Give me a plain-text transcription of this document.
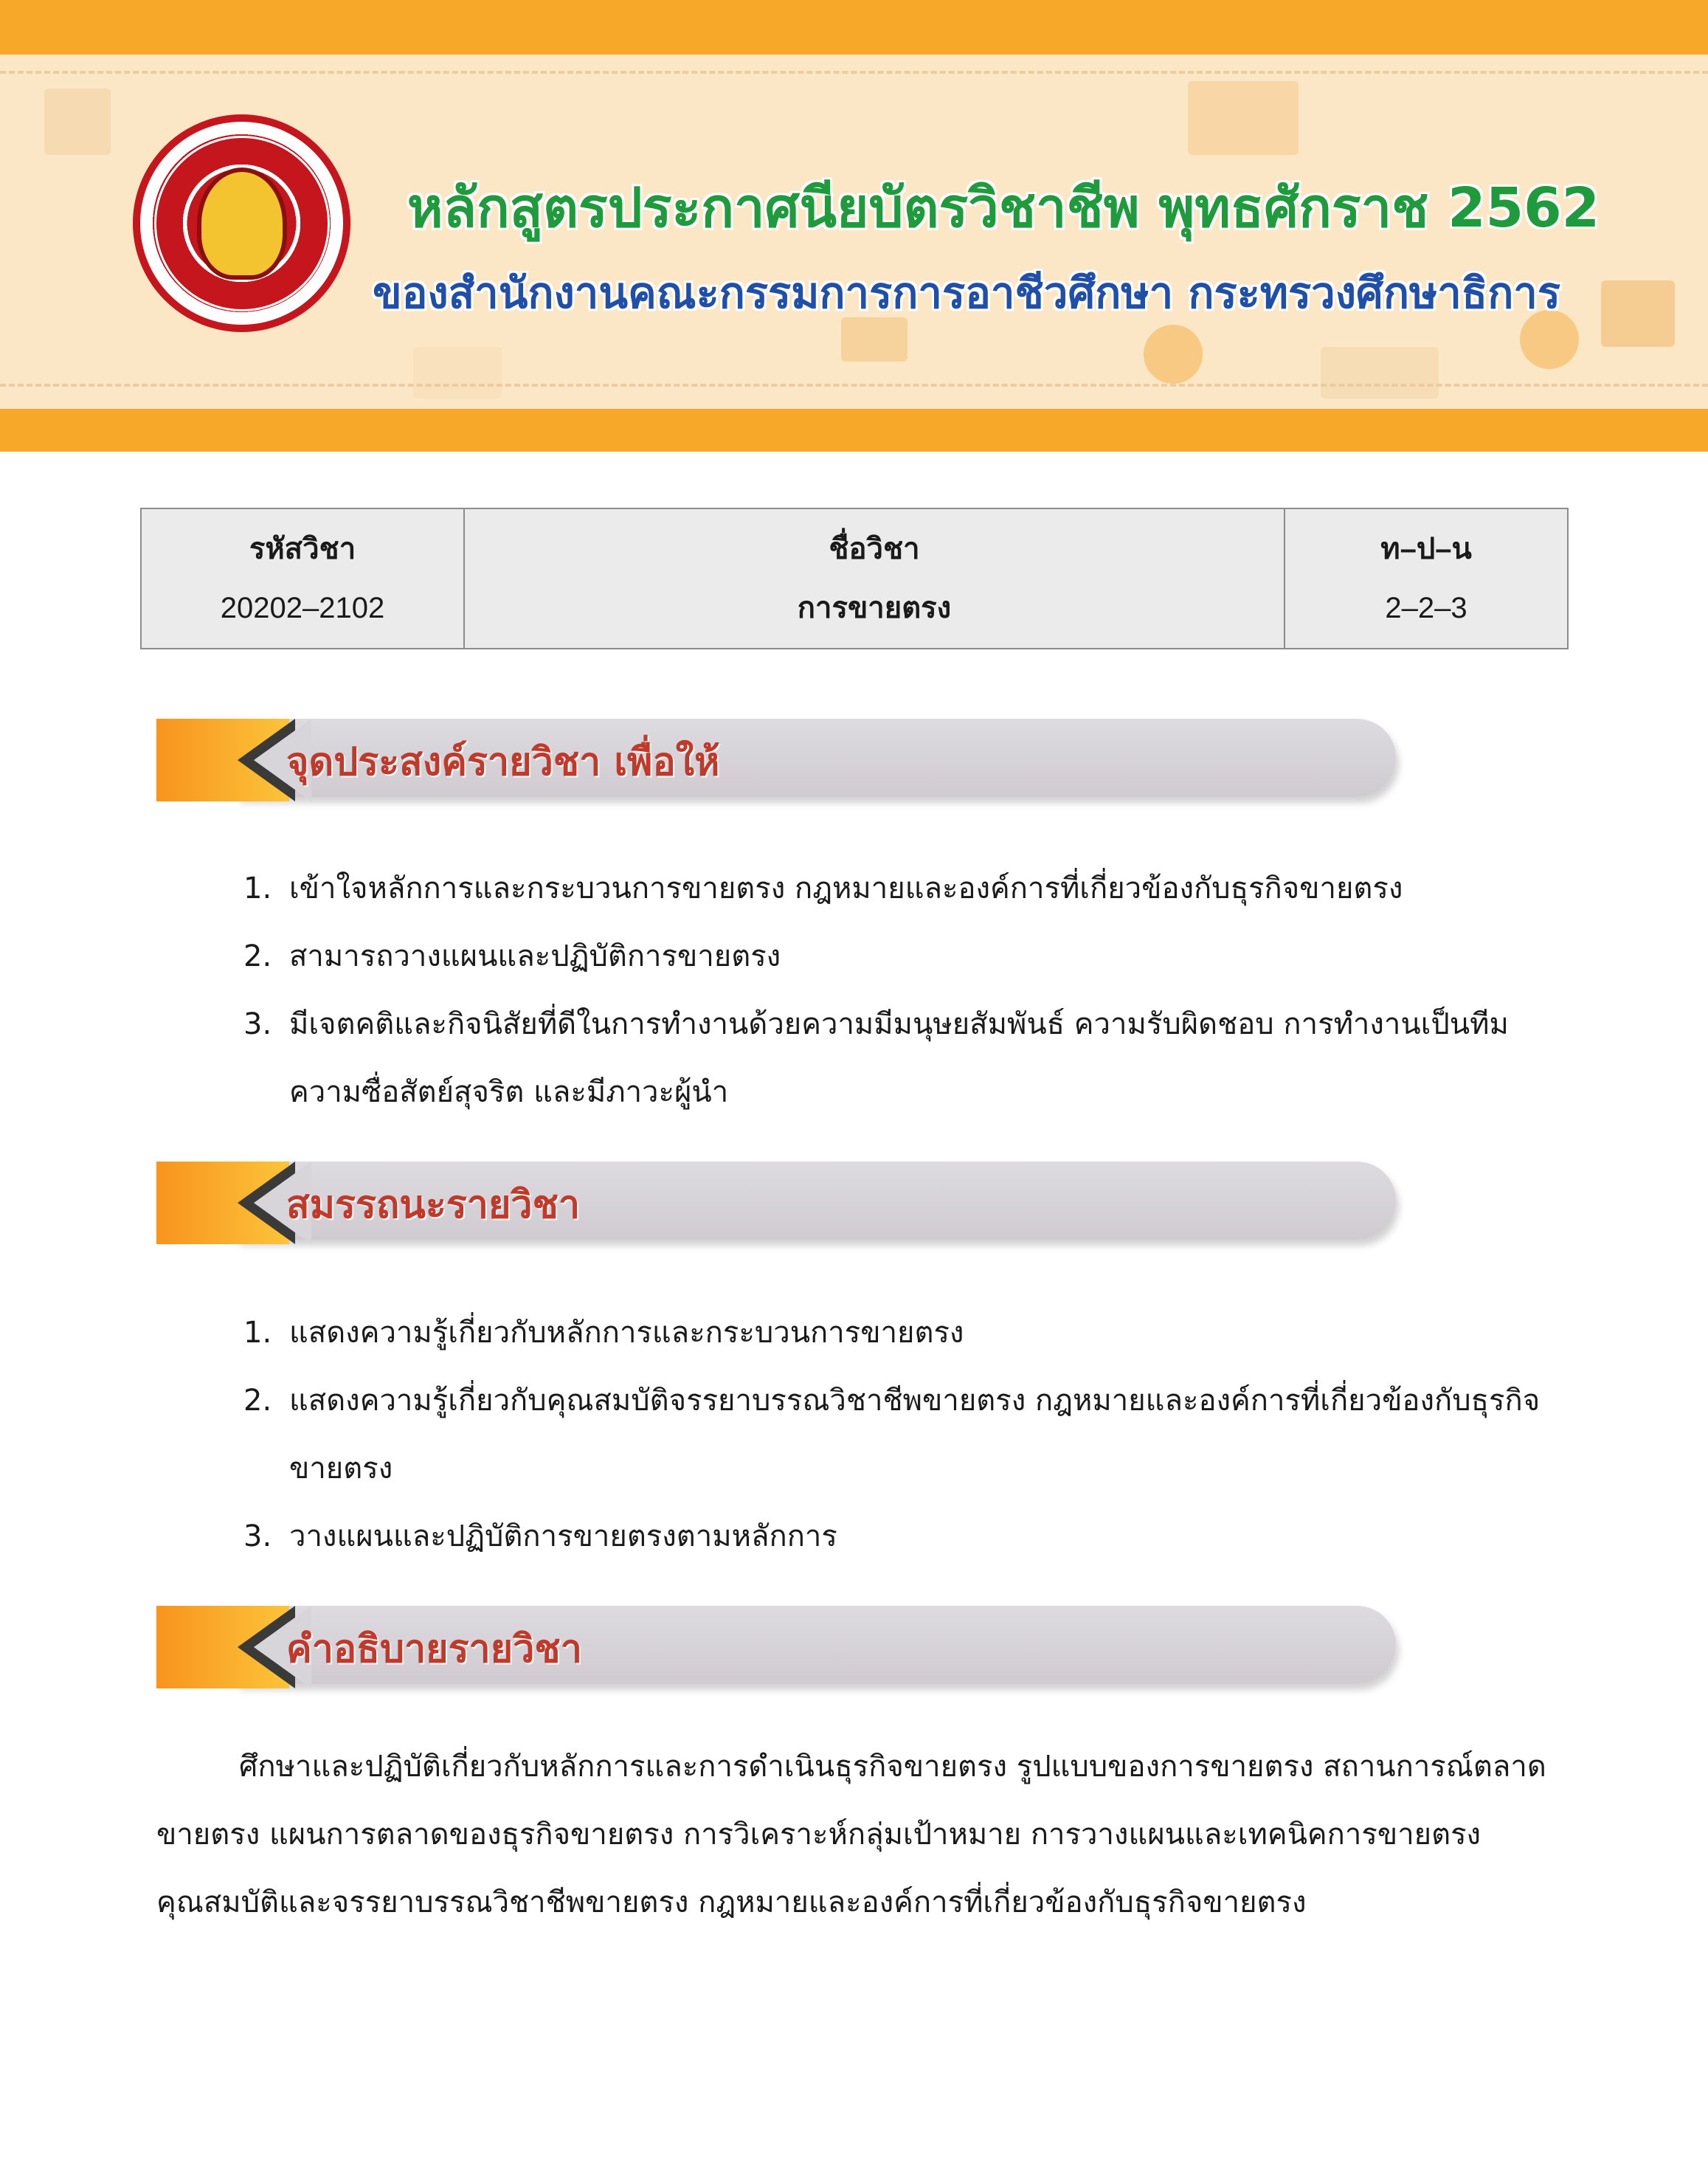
หลักสูตรประกาศนียบัตรวิชาชีพ พุทธศักราช 2562
ของสำนักงานคณะกรรมการการอาชีวศึกษา กระทรวงศึกษาธิการ
รหัสวิชา
20202–2102

ชื่อวิชา
การขายตรง

ท–ป–น
2–2–3
จุดประสงค์รายวิชา เพื่อให้
1. เข้าใจหลักการและกระบวนการขายตรง กฎหมายและองค์การที่เกี่ยวข้องกับธุรกิจขายตรง
2. สามารถวางแผนและปฏิบัติการขายตรง
3. มีเจตคติและกิจนิสัยที่ดีในการทำงานด้วยความมีมนุษยสัมพันธ์ ความรับผิดชอบ การทำงานเป็นทีม ความซื่อสัตย์สุจริต และมีภาวะผู้นำ
สมรรถนะรายวิชา
1. แสดงความรู้เกี่ยวกับหลักการและกระบวนการขายตรง
2. แสดงความรู้เกี่ยวกับคุณสมบัติจรรยาบรรณวิชาชีพขายตรง กฎหมายและองค์การที่เกี่ยวข้องกับธุรกิจขายตรง
3. วางแผนและปฏิบัติการขายตรงตามหลักการ
คำอธิบายรายวิชา

ศึกษาและปฏิบัติเกี่ยวกับหลักการและการดำเนินธุรกิจขายตรง รูปแบบของการขายตรง สถานการณ์ตลาดขายตรง แผนการตลาดของธุรกิจขายตรง การวิเคราะห์กลุ่มเป้าหมาย การวางแผนและเทคนิคการขายตรง คุณสมบัติและจรรยาบรรณวิชาชีพขายตรง กฎหมายและองค์การที่เกี่ยวข้องกับธุรกิจขายตรง
